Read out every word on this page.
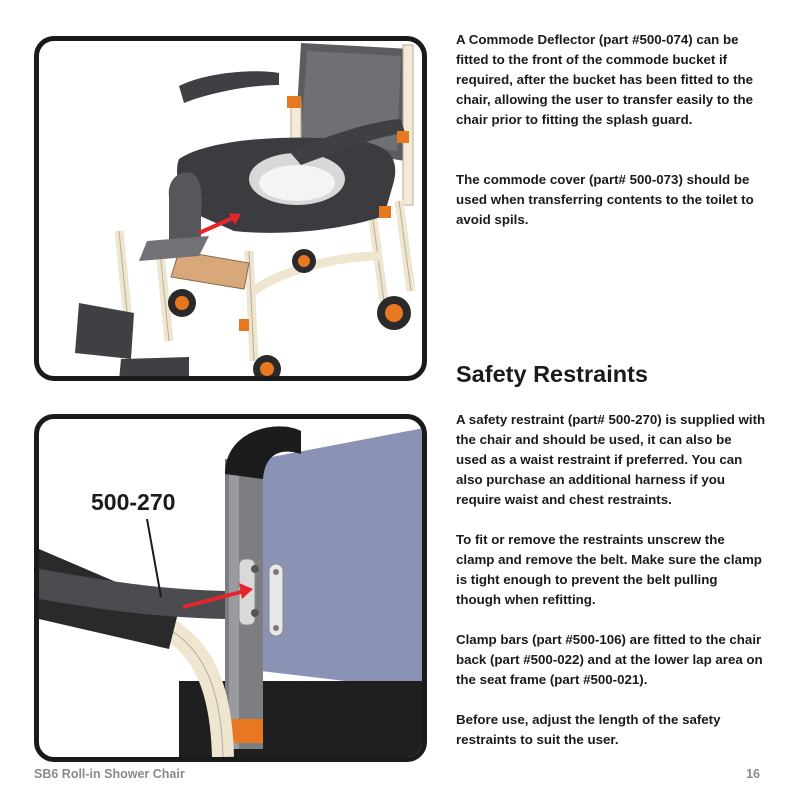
A Commode Deflector (part #500-074) can be fitted to the front of the commode bucket if required, after the bucket has been fitted to the chair, allowing the user to transfer easily to the chair prior to fitting the splash guard.

The commode cover (part# 500-073) should be used when transferring contents to the toilet to avoid spils.

Safety Restraints
500-270

A safety restraint (part# 500-270) is supplied with the chair and should be used, it can also be used as a waist restraint if preferred. You can also purchase an additional harness if you require waist and chest restraints.

To fit or remove the restraints unscrew the clamp and remove the belt. Make sure the clamp is tight enough to prevent the belt pulling though when refitting.

Clamp bars (part #500-106) are fitted to the chair back (part #500-022) and at the lower lap area on the seat frame (part #500-021).

Before use, adjust the length of the safety restraints to suit the user.

SB6 Roll-in Shower Chair	16
